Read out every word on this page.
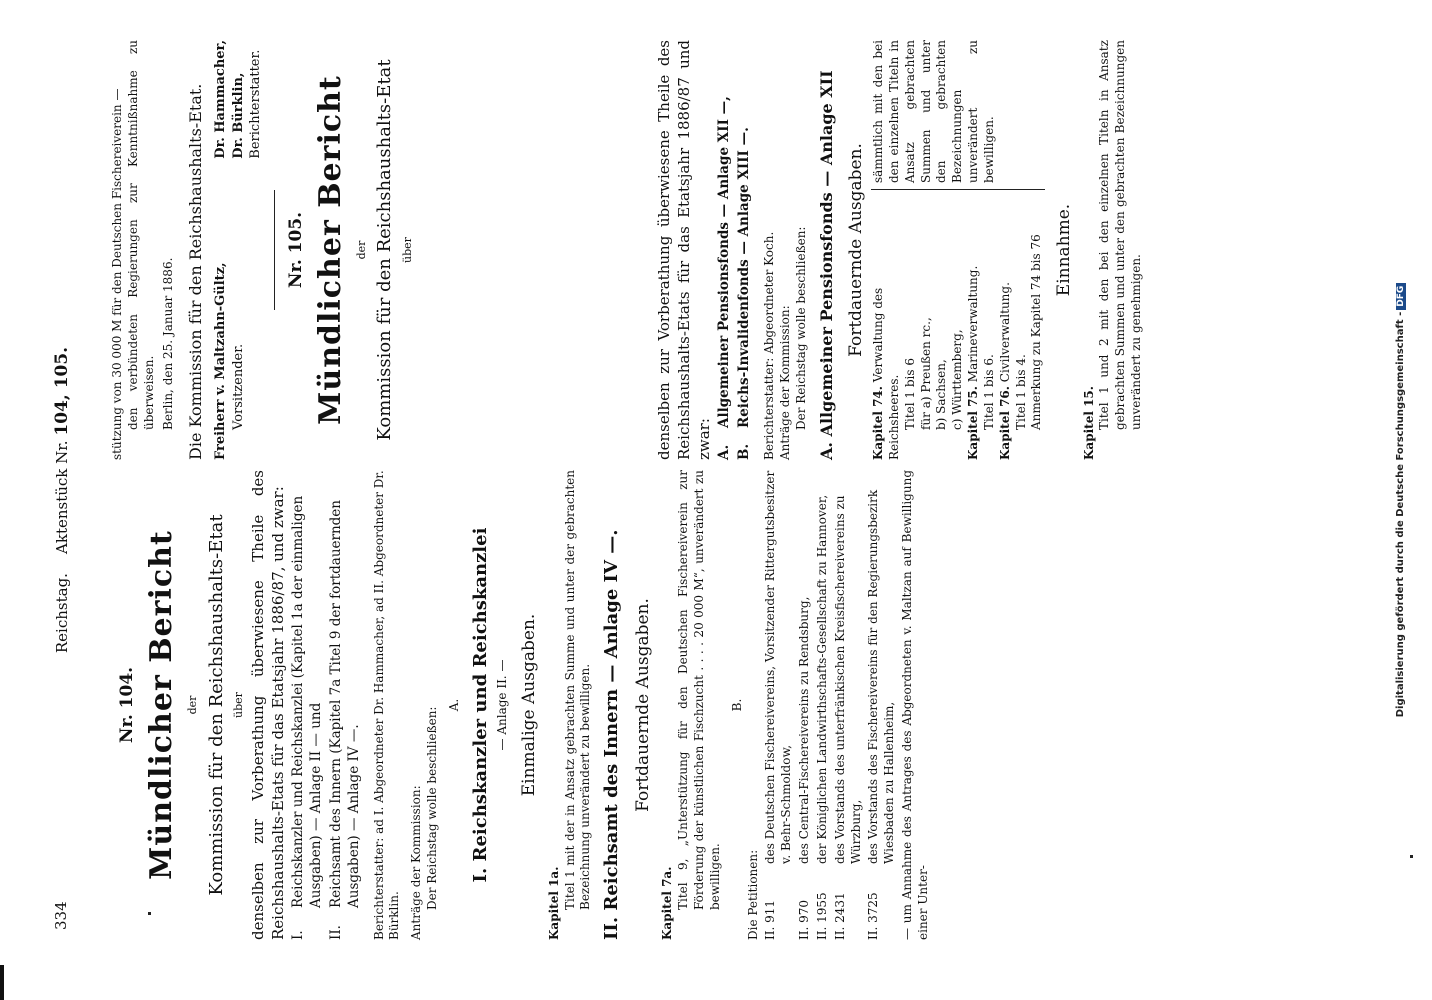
334
Reichstag.    Aktenstück Nr. 104, 105.
Nr. 104. Mündlicher Bericht der Kommission für den Reichshaushalts-Etat über denselben zur Vorberathung überwiesene Theile des Reichshaushalts-Etats für das Etatsjahr 1886/87, und zwar: I.
Reichskanzler und Reichskanzlei (Kapitel 1a der einmaligen Ausgaben) — Anlage II — und
II.
Reichsamt des Innern (Kapitel 7a Titel 9 der fortdauernden Ausgaben) — Anlage IV —. Berichterstatter: ad I. Abgeordneter Dr. Hammacher, ad II. Abgeordneter Dr. Bürklin. Anträge der Kommission: Der Reichstag wolle beschließen:
A. I. Reichskanzler und Reichskanzlei — Anlage II. — Einmalige Ausgaben.
Kapitel 1a. Titel 1 mit der in Ansatz gebrachten Summe und unter der gebrachten Bezeichnung unverändert zu bewilligen. II. Reichsamt des Innern — Anlage IV —. Fortdauernde Ausgaben.
Kapitel 7a. Titel 9, „Unterstützung für den Deutschen Fischereiverein zur Förderung der künstlichen Fischzucht . . . . 20 000 M“, unverändert zu bewilligen.
B.
Die Petitionen: II. 911
des Deutschen Fischereivereins, Vorsitzender Rittergutsbesitzer v. Behr-Schmoldow,
II. 970
des Central-Fischereivereins zu Rendsburg,
II. 1955
der Königlichen Landwirthschafts-Gesellschaft zu Hannover,
II. 2431
des Vorstands des unterfränkischen Kreisfischereivereins zu Würzburg,
II. 3725
des Vorstands des Fischereivereins für den Regierungsbezirk Wiesbaden zu Hallenheim, — um Annahme des Antrages des Abgeordneten v. Maltzan auf Bewilligung einer Unter-
stützung von 30 000 M für den Deutschen Fischereiverein — den verbündeten Regierungen zur Kenntnißnahme zu überweisen. Berlin, den 25. Januar 1886. Die Kommission für den Reichshaushalts-Etat. Freiherr v. Maltzahn-Gültz, Vorsitzender.
Dr. Hammacher, Dr. Bürklin, Berichterstatter.
Nr. 105. Mündlicher Bericht der Kommission für den Reichshaushalts-Etat über	denselben zur Vorberathung überwiesene Theile des Reichshaushalts-Etats für das Etatsjahr 1886/87 und zwar: A.
Allgemeiner Pensionsfonds — Anlage XII —,
B.
Reichs-Invalidenfonds — Anlage XIII —. Berichterstatter: Abgeordneter Koch. Anträge der Kommission: Der Reichstag wolle beschließen: A. Allgemeiner Pensionsfonds — Anlage XII Fortdauernde Ausgaben.
Kapitel 74. Verwaltung des Reichsheeres. Titel 1 bis 6 für a) Preußen rc., b) Sachsen, c) Württemberg, Kapitel 75. Marineverwaltung.
Titel 1 bis 6. Kapitel 76. Civilverwaltung.
Titel 1 bis 4. Anmerkung zu Kapitel 74 bis 76
sämmtlich mit den bei den einzelnen Titeln in Ansatz gebrachten Summen und unter den gebrachten Bezeichnungen unverändert zu bewilligen.
Einnahme.
Kapitel 15. Titel 1 und 2 mit den bei den einzelnen Titeln in Ansatz gebrachten Summen und unter den gebrachten Bezeichnungen unverändert zu genehmigen.	Digitalisierung gefördert durch die Deutsche Forschungsgemeinschaft -DFG
